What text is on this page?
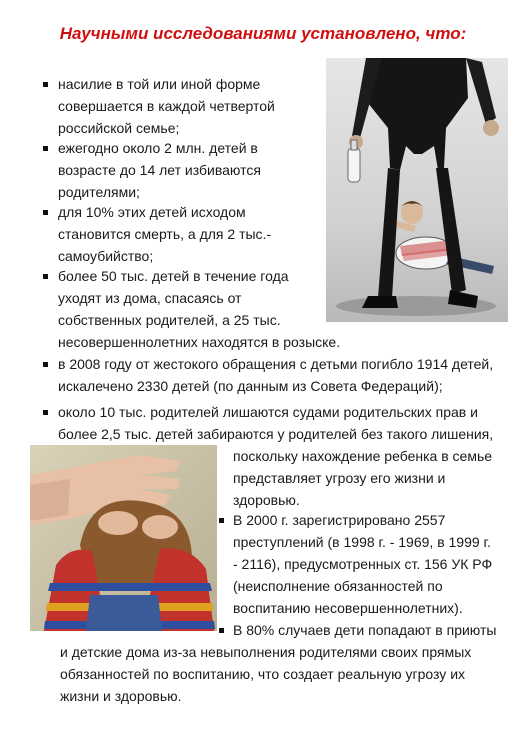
Научными исследованиями установлено, что:
насилие в той или иной форме
совершается в каждой четвертой
российской семье;
ежегодно около 2 млн. детей в
возрасте до 14 лет избиваются
родителями;
для 10% этих детей исходом
становится смерть, а для 2 тыс.-
самоубийство;
более 50 тыс. детей в течение года
уходят из дома, спасаясь от
собственных родителей, а 25 тыс.
несовершеннолетних находятся в розыске.
в 2008 году от жестокого обращения с детьми погибло 1914 детей,
искалечено 2330 детей (по данным из Совета Федераций);
около 10 тыс. родителей лишаются судами родительских прав и
более 2,5 тыс. детей забираются у родителей без такого лишения,
поскольку нахождение ребенка в семье
представляет угрозу его жизни и
здоровью.
В 2000 г. зарегистрировано 2557
преступлений (в 1998 г. - 1969, в 1999 г.
- 2116), предусмотренных ст. 156 УК РФ
(неисполнение обязанностей по
воспитанию несовершеннолетних).
В 80% случаев дети попадают в приюты
и детские дома из-за невыполнения родителями своих прямых
обязанностей по воспитанию, что создает реальную угрозу их
жизни и здоровью.
